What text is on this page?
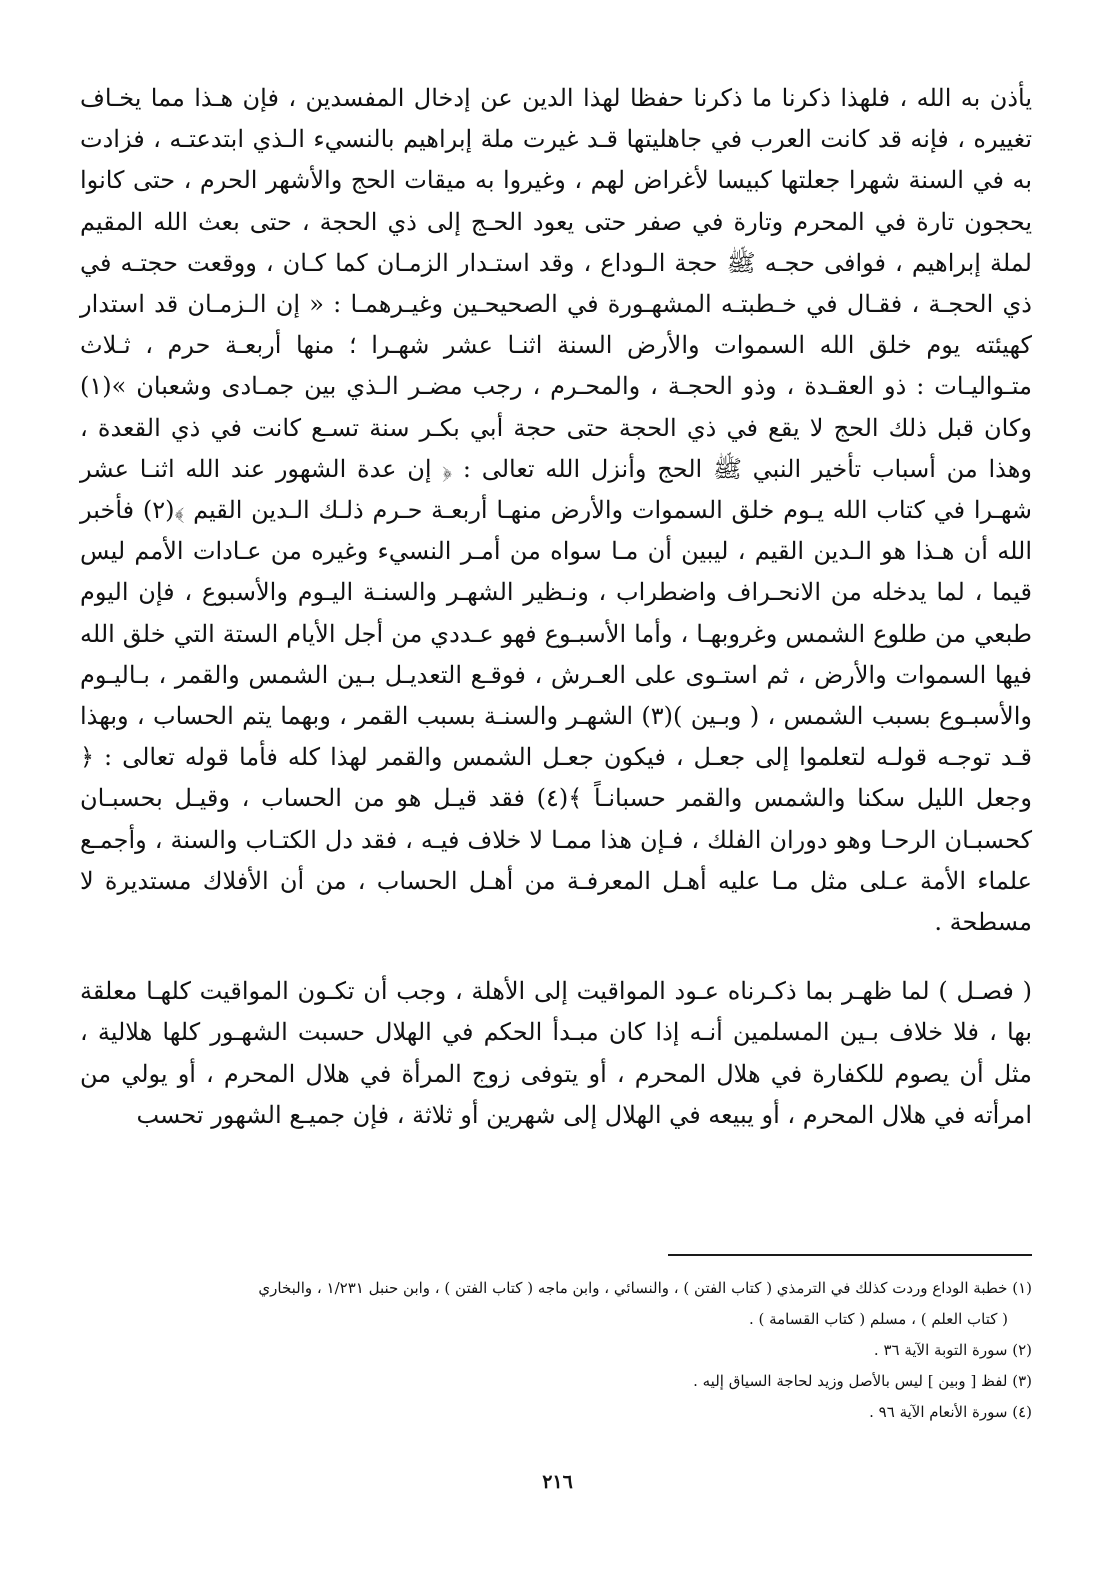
يأذن به الله ، فلهذا ذكرنا ما ذكرنا حفظا لهذا الدين عن إدخال المفسدين ، فإن هـذا مما يخـاف تغييره ، فإنه قد كانت العرب في جاهليتها قـد غيرت ملة إبراهيم بالنسيء الـذي ابتدعتـه ، فزادت به في السنة شهرا جعلتها كبيسا لأغراض لهم ، وغيروا به ميقات الحج والأشهر الحرم ، حتى كانوا يحجون تارة في المحرم وتارة في صفر حتى يعود الحـج إلى ذي الحجة ، حتى بعث الله المقيم لملة إبراهيم ، فوافى حجـه ﷺ حجة الـوداع ، وقد استـدار الزمـان كما كـان ، ووقعت حجتـه في ذي الحجـة ، فقـال في خـطبتـه المشهـورة في الصحيحـين وغيـرهمـا : « إن الـزمـان قد استدار كهيئته يوم خلق الله السموات والأرض السنة اثنـا عشر شهـرا ؛ منها أربعـة حرم ، ثـلاث متـواليـات : ذو العقـدة ، وذو الحجـة ، والمحـرم ، رجب مضـر الـذي بين جمـادى وشعبان »(١) وكان قبل ذلك الحج لا يقع في ذي الحجة حتى حجة أبي بكـر سنة تسـع كانت في ذي القعدة ، وهذا من أسباب تأخير النبي ﷺ الحج وأنزل الله تعالى : ﴿ إن عدة الشهور عند الله اثنـا عشر شهـرا في كتاب الله يـوم خلق السموات والأرض منهـا أربعـة حـرم ذلـك الـدين القيم ﴾(٢) فأخبر الله أن هـذا هو الـدين القيم ، ليبين أن مـا سواه من أمـر النسيء وغيره من عـادات الأمم ليس قيما ، لما يدخله من الانحـراف واضطراب ، ونـظير الشهـر والسنـة اليـوم والأسبوع ، فإن اليوم طبعي من طلوع الشمس وغروبهـا ، وأما الأسبـوع فهو عـددي من أجل الأيام الستة التي خلق الله فيها السموات والأرض ، ثم استـوى على العـرش ، فوقـع التعديـل بـين الشمس والقمر ، بـاليـوم والأسبـوع بسبب الشمس ، ( وبـين )(٣) الشهـر والسنـة بسبب القمر ، وبهما يتم الحساب ، وبهذا قـد توجـه قولـه لتعلموا إلى جعـل ، فيكون جعـل الشمس والقمر لهذا كله فأما قوله تعالى : ﴿ وجعل الليل سكنا والشمس والقمر حسبانـاً ﴾(٤) فقد قيـل هو من الحساب ، وقيـل بحسبـان كحسبـان الرحـا وهو دوران الفلك ، فـإن هذا ممـا لا خلاف فيـه ، فقد دل الكتـاب والسنة ، وأجمـع علماء الأمة عـلى مثل مـا عليه أهـل المعرفـة من أهـل الحساب ، من أن الأفلاك مستديرة لا مسطحة .

( فصـل ) لما ظهـر بما ذكـرناه عـود المواقيت إلى الأهلة ، وجب أن تكـون المواقيت كلهـا معلقة بها ، فلا خلاف بـين المسلمين أنـه إذا كان مبـدأ الحكم في الهلال حسبت الشهـور كلها هلالية ، مثل أن يصوم للكفارة في هلال المحرم ، أو يتوفى زوج المرأة في هلال المحرم ، أو يولي من امرأته في هلال المحرم ، أو يبيعه في الهلال إلى شهرين أو ثلاثة ، فإن جميـع الشهور تحسب

(١) خطبة الوداع وردت كذلك في الترمذي ( كتاب الفتن ) ، والنسائي ، وابن ماجه ( كتاب الفتن ) ، وابن حنبل ١/٢٣١ ، والبخاري

( كتاب العلم ) ، مسلم ( كتاب القسامة ) .

(٢) سورة التوبة الآية ٣٦ .

(٣) لفظ [ وبين ] ليس بالأصل وزيد لحاجة السياق إليه .

(٤) سورة الأنعام الآية ٩٦ .

٢١٦
